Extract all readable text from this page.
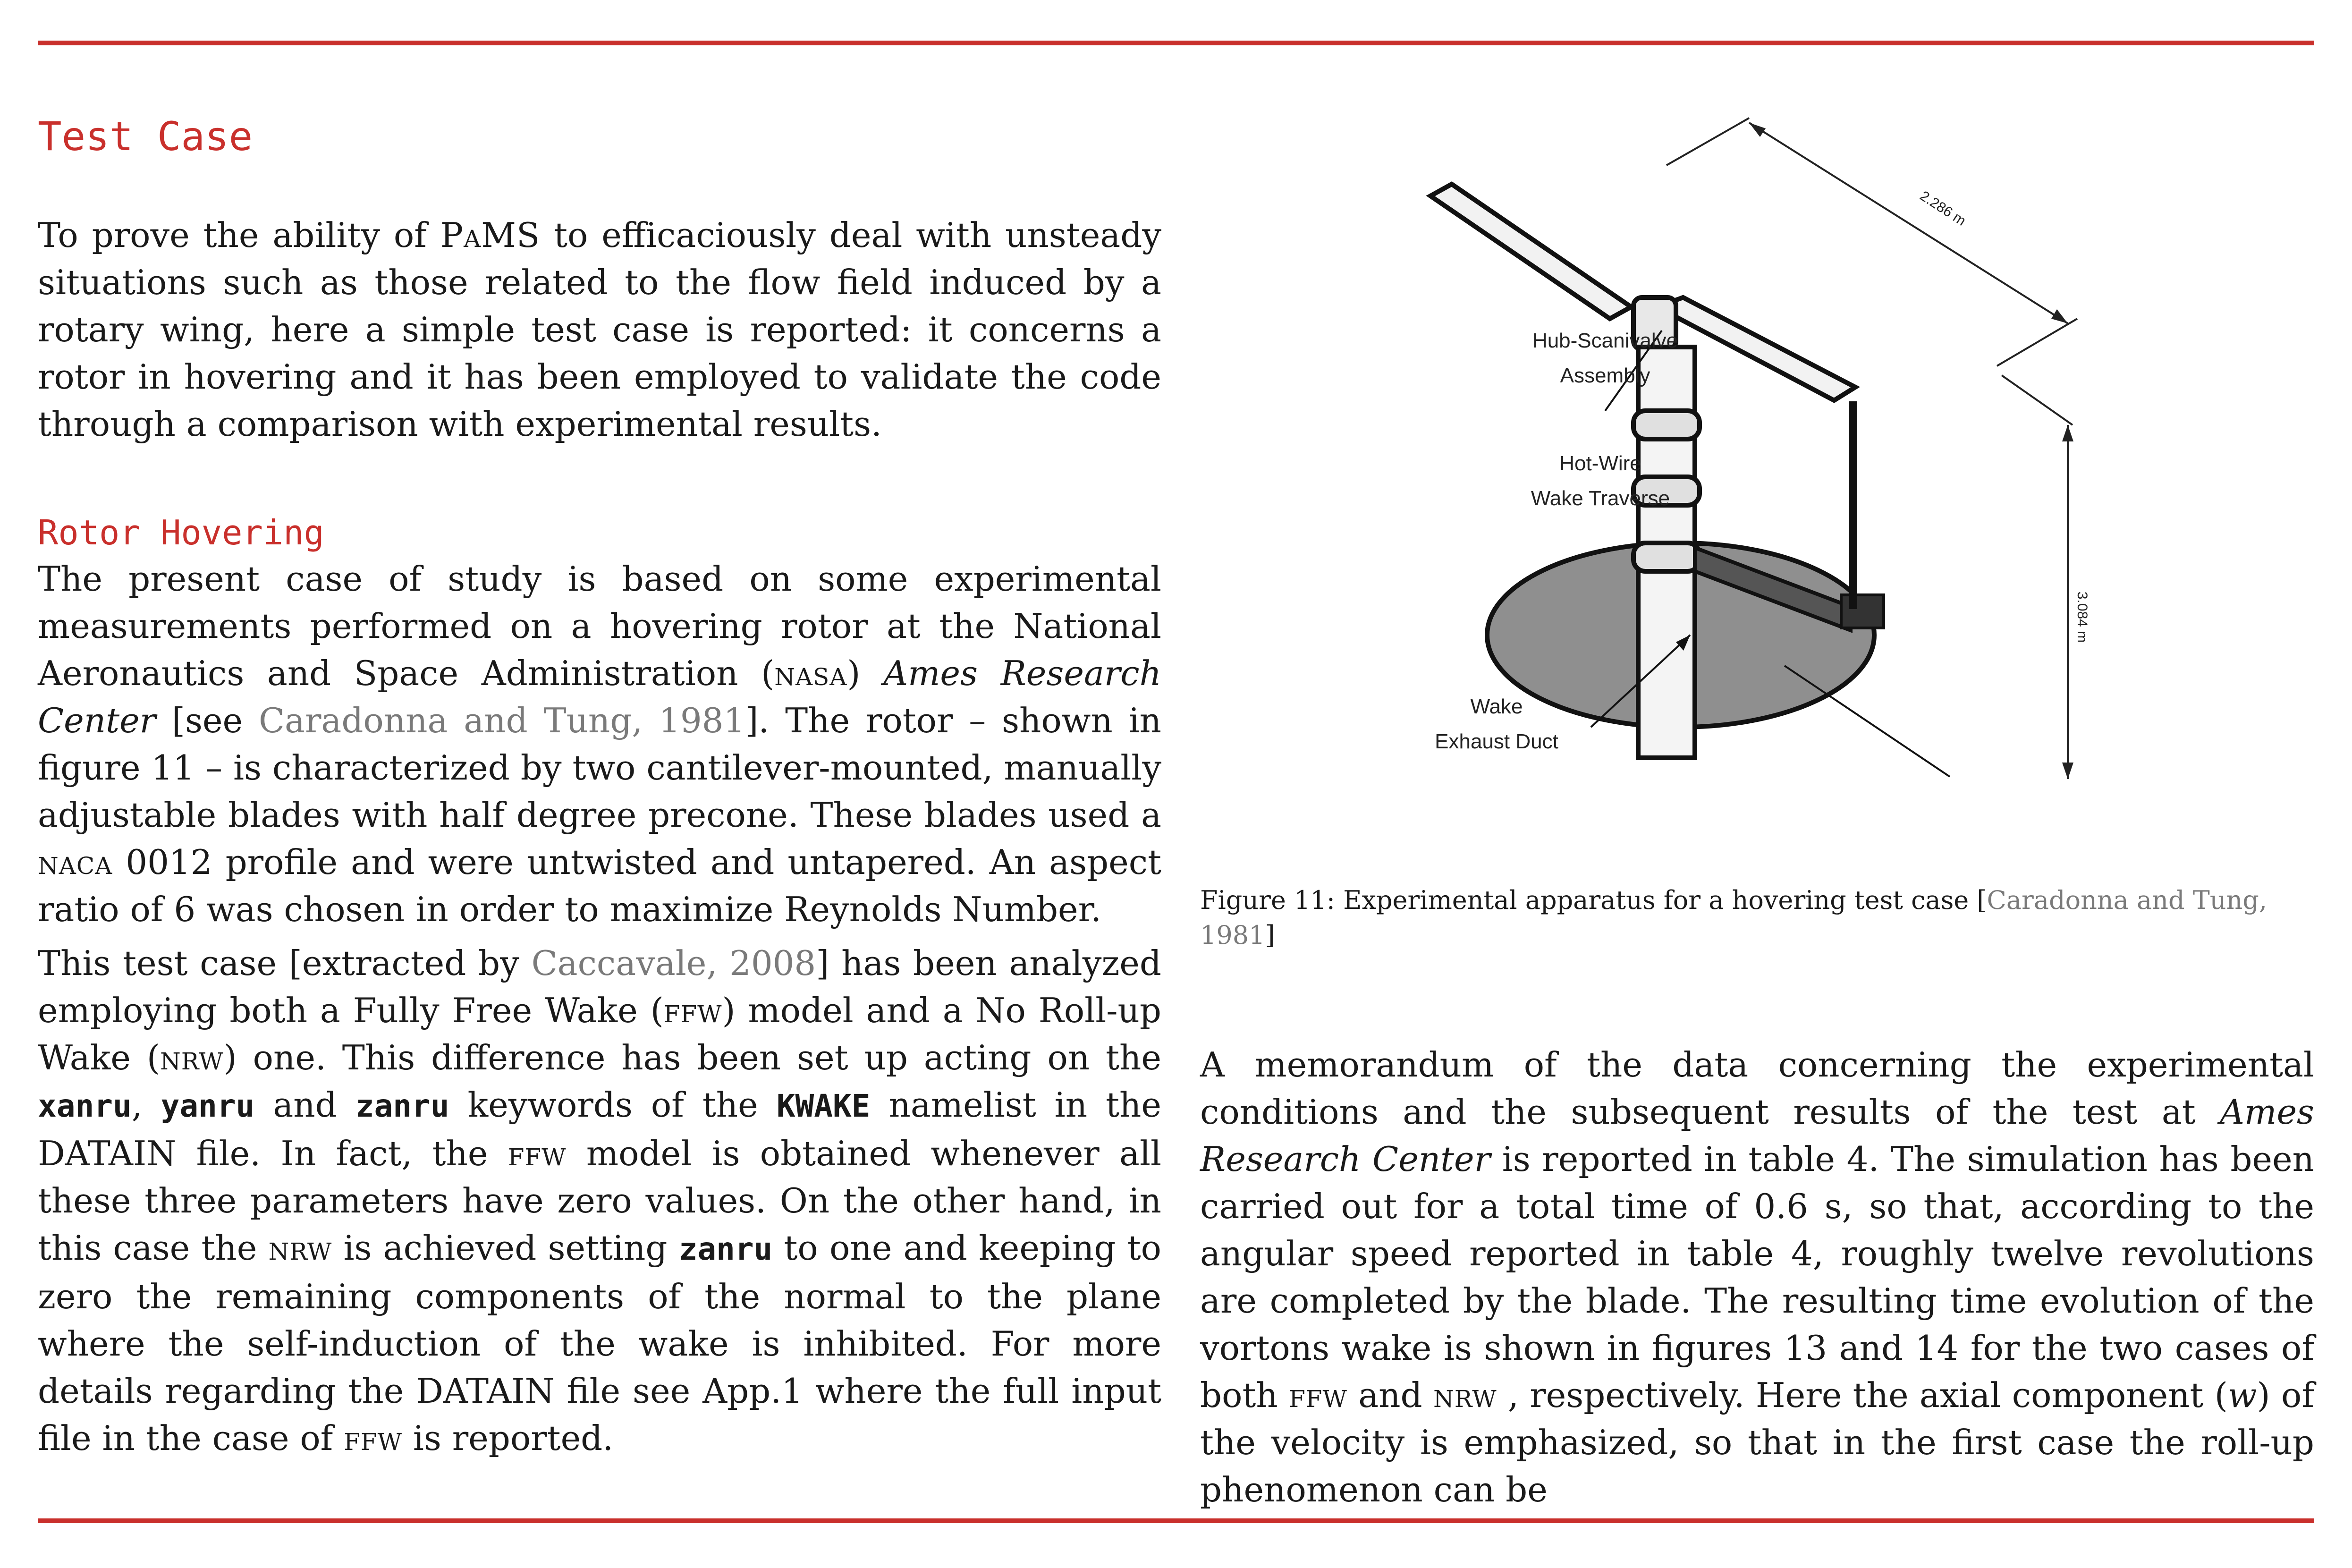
Test Case

To prove the ability of PaMS to efficaciously deal with unsteady situations such as those related to the flow field induced by a rotary wing, here a simple test case is reported: it concerns a rotor in hovering and it has been employed to validate the code through a comparison with experimental results.

Rotor Hovering

The present case of study is based on some experimental measurements performed on a hovering rotor at the National Aeronautics and Space Administration (nasa) Ames Research Center [see Caradonna and Tung, 1981]. The rotor – shown in figure 11 – is characterized by two cantilever-mounted, manually adjustable blades with half degree precone. These blades used a naca 0012 profile and were untwisted and untapered. An aspect ratio of 6 was chosen in order to maximize Reynolds Number.

This test case [extracted by Caccavale, 2008] has been analyzed employing both a Fully Free Wake (ffw) model and a No Roll-up Wake (nrw) one. This difference has been set up acting on the xanru, yanru and zanru keywords of the KWAKE namelist in the DATAIN file. In fact, the ffw model is obtained whenever all these three parameters have zero values. On the other hand, in this case the nrw is achieved setting zanru to one and keeping to zero the remaining components of the normal to the plane where the self-induction of the wake is inhibited. For more details regarding the DATAIN file see App.1 where the full input file in the case of ffw is reported.

Hub-Scanivalve
Assembly
Hot-Wire
Wake Traverse
Wake
Exhaust Duct
2.286 m
3.084 m

Figure 11: Experimental apparatus for a hovering test case [Caradonna and Tung, 1981]

A memorandum of the data concerning the experimental conditions and the subsequent results of the test at Ames Research Center is reported in table 4. The simulation has been carried out for a total time of 0.6 s, so that, according to the angular speed reported in table 4, roughly twelve revolutions are completed by the blade. The resulting time evolution of the vortons wake is shown in figures 13 and 14 for the two cases of both ffw and nrw , respectively. Here the axial component (w) of the velocity is emphasized, so that in the first case the roll-up phenomenon can be
